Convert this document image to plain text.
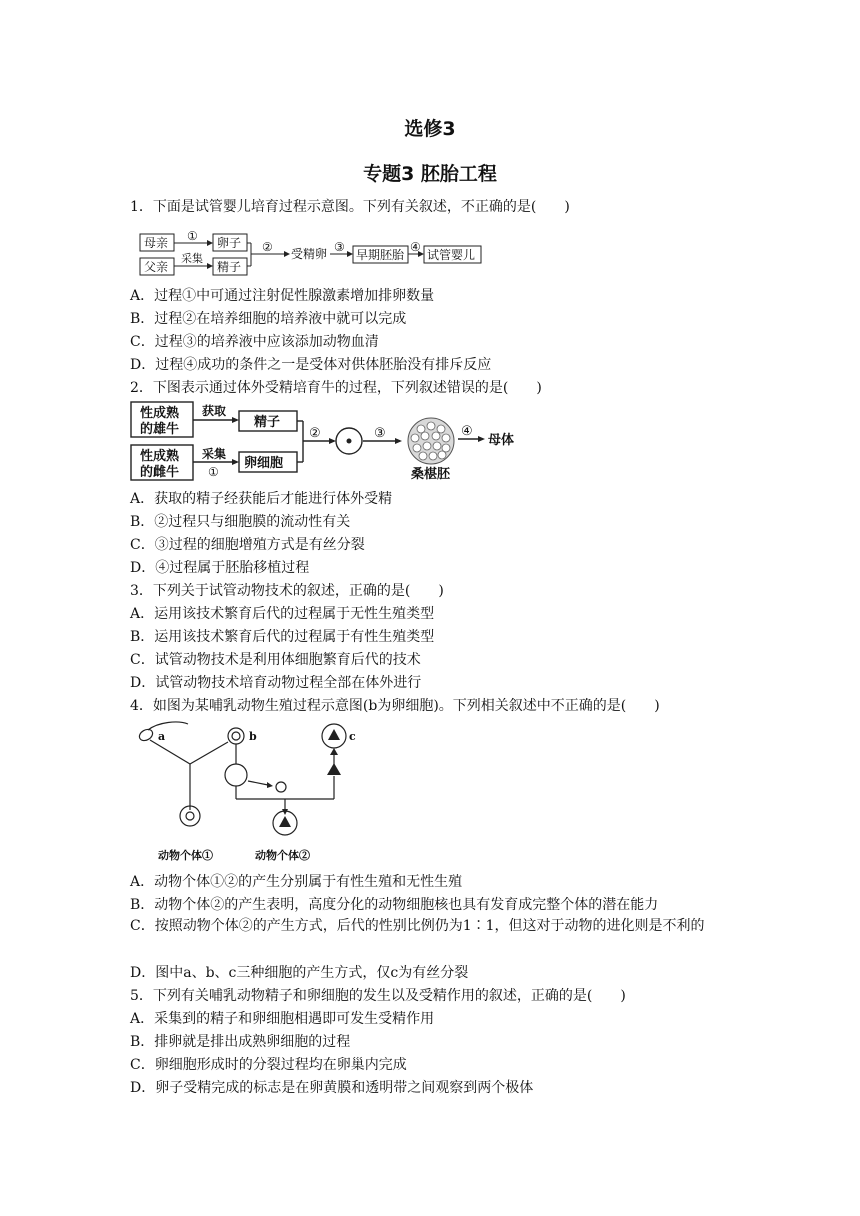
选修3
专题3 胚胎工程
1．下面是试管婴儿培育过程示意图。下列有关叙述，不正确的是(　　)
母亲
父亲
卵子
精子
采集
①
② 受精卵 ③
早期胚胎
④
试管婴儿
A．过程①中可通过注射促性腺激素增加排卵数量
B．过程②在培养细胞的培养液中就可以完成
C．过程③的培养液中应该添加动物血清
D．过程④成功的条件之一是受体对供体胚胎没有排斥反应
2．下图表示通过体外受精培育牛的过程，下列叙述错误的是(　　)
性成熟
的雄牛
性成熟
的雌牛
获取
采集
①
精子
卵细胞
②	③	④
母体
桑椹胚
A．获取的精子经获能后才能进行体外受精
B．②过程只与细胞膜的流动性有关
C．③过程的细胞增殖方式是有丝分裂
D．④过程属于胚胎移植过程
3．下列关于试管动物技术的叙述，正确的是(　　)
A．运用该技术繁育后代的过程属于无性生殖类型
B．运用该技术繁育后代的过程属于有性生殖类型
C．试管动物技术是利用体细胞繁育后代的技术
D．试管动物技术培育动物过程全部在体外进行
4．如图为某哺乳动物生殖过程示意图(b为卵细胞)。下列相关叙述中不正确的是(　　)
a	b	c
动物个体①	动物个体②
A．动物个体①②的产生分别属于有性生殖和无性生殖
B．动物个体②的产生表明，高度分化的动物细胞核也具有发育成完整个体的潜在能力
C．按照动物个体②的产生方式，后代的性别比例仍为1∶1，但这对于动物的进化则是不利的
D．图中a、b、c三种细胞的产生方式，仅c为有丝分裂
5．下列有关哺乳动物精子和卵细胞的发生以及受精作用的叙述，正确的是(　　)
A．采集到的精子和卵细胞相遇即可发生受精作用
B．排卵就是排出成熟卵细胞的过程
C．卵细胞形成时的分裂过程均在卵巢内完成
D．卵子受精完成的标志是在卵黄膜和透明带之间观察到两个极体
